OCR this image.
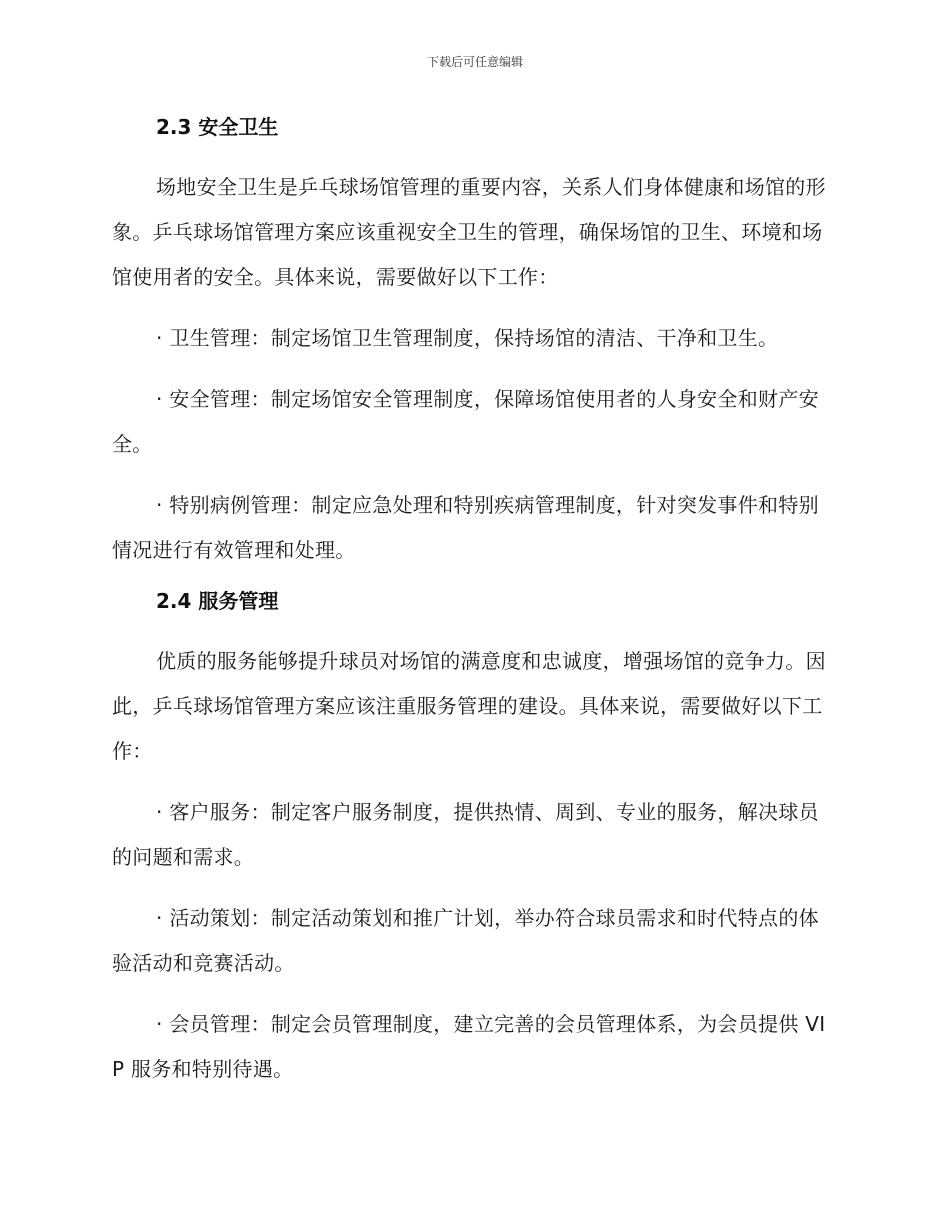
下载后可任意编辑
2.3 安全卫生

场地安全卫生是乒乓球场馆管理的重要内容，关系人们身体健康和场馆的形象。乒乓球场馆管理方案应该重视安全卫生的管理，确保场馆的卫生、环境和场馆使用者的安全。具体来说，需要做好以下工作：

· 卫生管理：制定场馆卫生管理制度，保持场馆的清洁、干净和卫生。

· 安全管理：制定场馆安全管理制度，保障场馆使用者的人身安全和财产安全。

· 特别病例管理：制定应急处理和特别疾病管理制度，针对突发事件和特别情况进行有效管理和处理。

2.4 服务管理

优质的服务能够提升球员对场馆的满意度和忠诚度，增强场馆的竞争力。因此，乒乓球场馆管理方案应该注重服务管理的建设。具体来说，需要做好以下工作：

· 客户服务：制定客户服务制度，提供热情、周到、专业的服务，解决球员的问题和需求。

· 活动策划：制定活动策划和推广计划，举办符合球员需求和时代特点的体验活动和竞赛活动。

· 会员管理：制定会员管理制度，建立完善的会员管理体系，为会员提供 VIP 服务和特别待遇。
